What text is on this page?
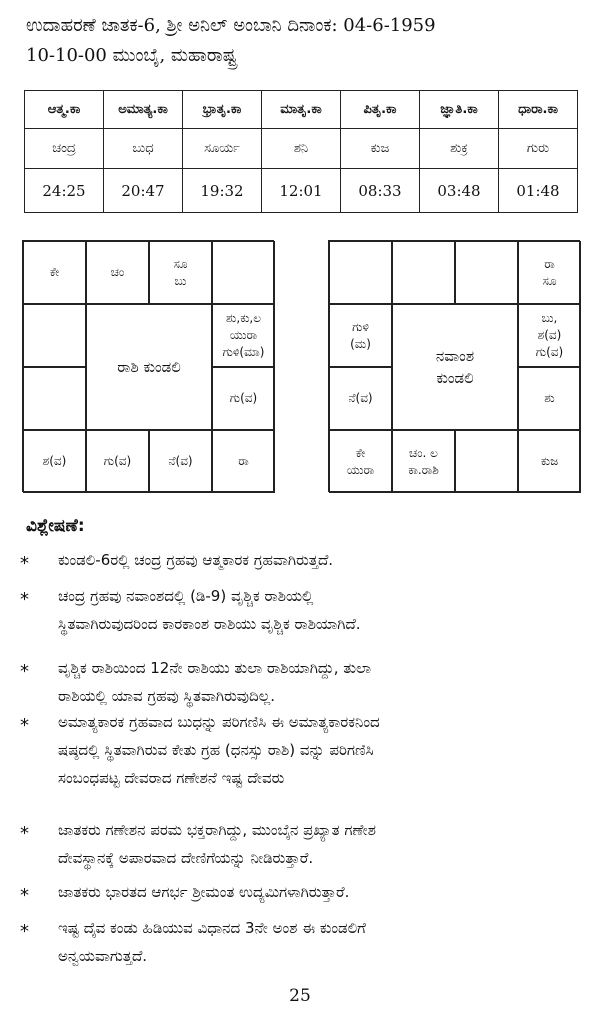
ಉದಾಹರಣೆ ಜಾತಕ-6, ಶ್ರೀ ಅನಿಲ್ ಅಂಬಾನಿ ದಿನಾಂಕ: 04-6-1959
10-10-00 ಮುಂಬೈ, ಮಹಾರಾಷ್ಟ್ರ
ಆತ್ಮ.ಕಾ	ಅಮಾತ್ಯ.ಕಾ	ಭ್ರಾತೃ.ಕಾ	ಮಾತೃ.ಕಾ	ಪಿತೃ.ಕಾ	ಜ್ಞಾತಿ.ಕಾ	ಧಾರಾ.ಕಾ
ಚಂದ್ರ	ಬುಧ	ಸೂರ್ಯ	ಶನಿ	ಕುಜ	ಶುಕ್ರ	ಗುರು
24:25	20:47	19:32	12:01	08:33	03:48	01:48
ಕೇ	ಚಂ
ಸೂ
ಬು
ಶು,ಕು,ಲ
ಯುರಾ
ಗುಳಿ(ಮಾ)
ಗು(ವ)
ರಾ
ನೆ(ವ)
ಗು(ವ)
ಶ(ವ)
ರಾಶಿ ಕುಂಡಲಿ
ರಾ
ಸೂ
ಬು,
ಶ(ವ)
ಗು(ವ)
ಶು
ಕುಜ
ಚಂ. ಲ
ಕಾ.ರಾಶಿ
ಕೇ
ಯುರಾ
ನೆ(ವ)
ಗುಳಿ
(ಮ)
ನವಾಂಶ
ಕುಂಡಲಿ
ವಿಶ್ಲೇಷಣೆ:
* ಕುಂಡಲಿ-6ರಲ್ಲಿ ಚಂದ್ರ ಗ್ರಹವು ಆತ್ಮಕಾರಕ ಗ್ರಹವಾಗಿರುತ್ತದೆ.
* ಚಂದ್ರ ಗ್ರಹವು ನವಾಂಶದಲ್ಲಿ (ಡಿ-9) ವೃಶ್ಚಿಕ ರಾಶಿಯಲ್ಲಿ
ಸ್ಥಿತವಾಗಿರುವುದರಿಂದ ಕಾರಕಾಂಶ ರಾಶಿಯು ವೃಶ್ಚಿಕ ರಾಶಿಯಾಗಿದೆ.
* ವೃಶ್ಚಿಕ ರಾಶಿಯಿಂದ 12ನೇ ರಾಶಿಯು ತುಲಾ ರಾಶಿಯಾಗಿದ್ದು, ತುಲಾ
ರಾಶಿಯಲ್ಲಿ ಯಾವ ಗ್ರಹವು ಸ್ಥಿತವಾಗಿರುವುದಿಲ್ಲ.
* ಅಮಾತ್ಯಕಾರಕ ಗ್ರಹವಾದ ಬುಧನ್ನು ಪರಿಗಣಿಸಿ ಈ ಅಮಾತ್ಯಕಾರಕನಿಂದ
ಷಷ್ಠದಲ್ಲಿ ಸ್ಥಿತವಾಗಿರುವ ಕೇತು ಗ್ರಹ (ಧನಸ್ಸು ರಾಶಿ) ವನ್ನು ಪರಿಗಣಿಸಿ
ಸಂಬಂಧಪಟ್ಟ ದೇವರಾದ ಗಣೇಶನೆ ಇಷ್ಟ ದೇವರು
* ಜಾತಕರು ಗಣೇಶನ ಪರಮ ಭಕ್ತರಾಗಿದ್ದು, ಮುಂಬೈನ ಪ್ರಖ್ಯಾತ ಗಣೇಶ
ದೇವಸ್ಥಾನಕ್ಕೆ ಅಪಾರವಾದ ದೇಣಿಗೆಯನ್ನು ನೀಡಿರುತ್ತಾರೆ.
* ಜಾತಕರು ಭಾರತದ ಆಗರ್ಭ ಶ್ರೀಮಂತ ಉದ್ಯಮಿಗಳಾಗಿರುತ್ತಾರೆ.
* ಇಷ್ಟ ದೈವ ಕಂಡು ಹಿಡಿಯುವ ವಿಧಾನದ 3ನೇ ಅಂಶ ಈ ಕುಂಡಲಿಗೆ
ಅನ್ವಯವಾಗುತ್ತದೆ.
25
